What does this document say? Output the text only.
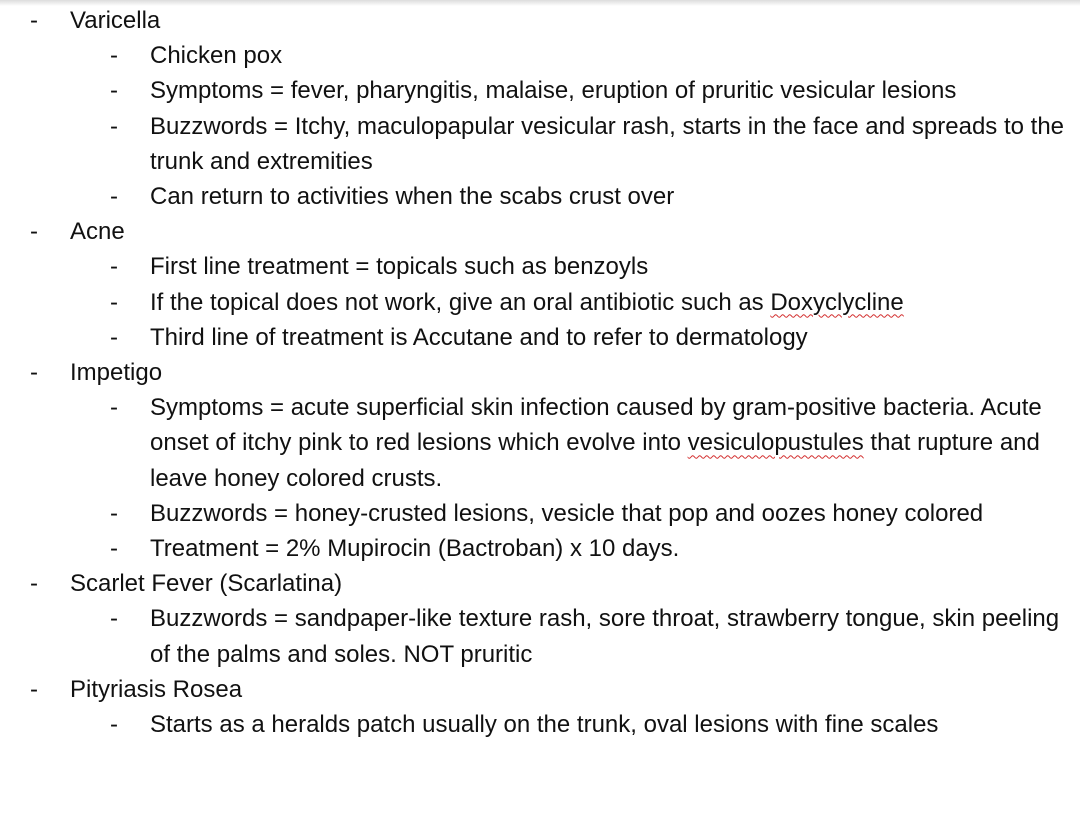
- Varicella
- Chicken pox
- Symptoms = fever, pharyngitis, malaise, eruption of pruritic vesicular lesions
- Buzzwords = Itchy, maculopapular vesicular rash, starts in the face and spreads to the trunk and extremities
- Can return to activities when the scabs crust over
- Acne
- First line treatment = topicals such as benzoyls
- If the topical does not work, give an oral antibiotic such as Doxyclycline
- Third line of treatment is Accutane and to refer to dermatology
- Impetigo
- Symptoms = acute superficial skin infection caused by gram-positive bacteria. Acute onset of itchy pink to red lesions which evolve into vesiculopustules that rupture and leave honey colored crusts.
- Buzzwords = honey-crusted lesions, vesicle that pop and oozes honey colored
- Treatment = 2% Mupirocin (Bactroban) x 10 days.
- Scarlet Fever (Scarlatina)
- Buzzwords = sandpaper-like texture rash, sore throat, strawberry tongue, skin peeling of the palms and soles. NOT pruritic
- Pityriasis Rosea
- Starts as a heralds patch usually on the trunk, oval lesions with fine scales
